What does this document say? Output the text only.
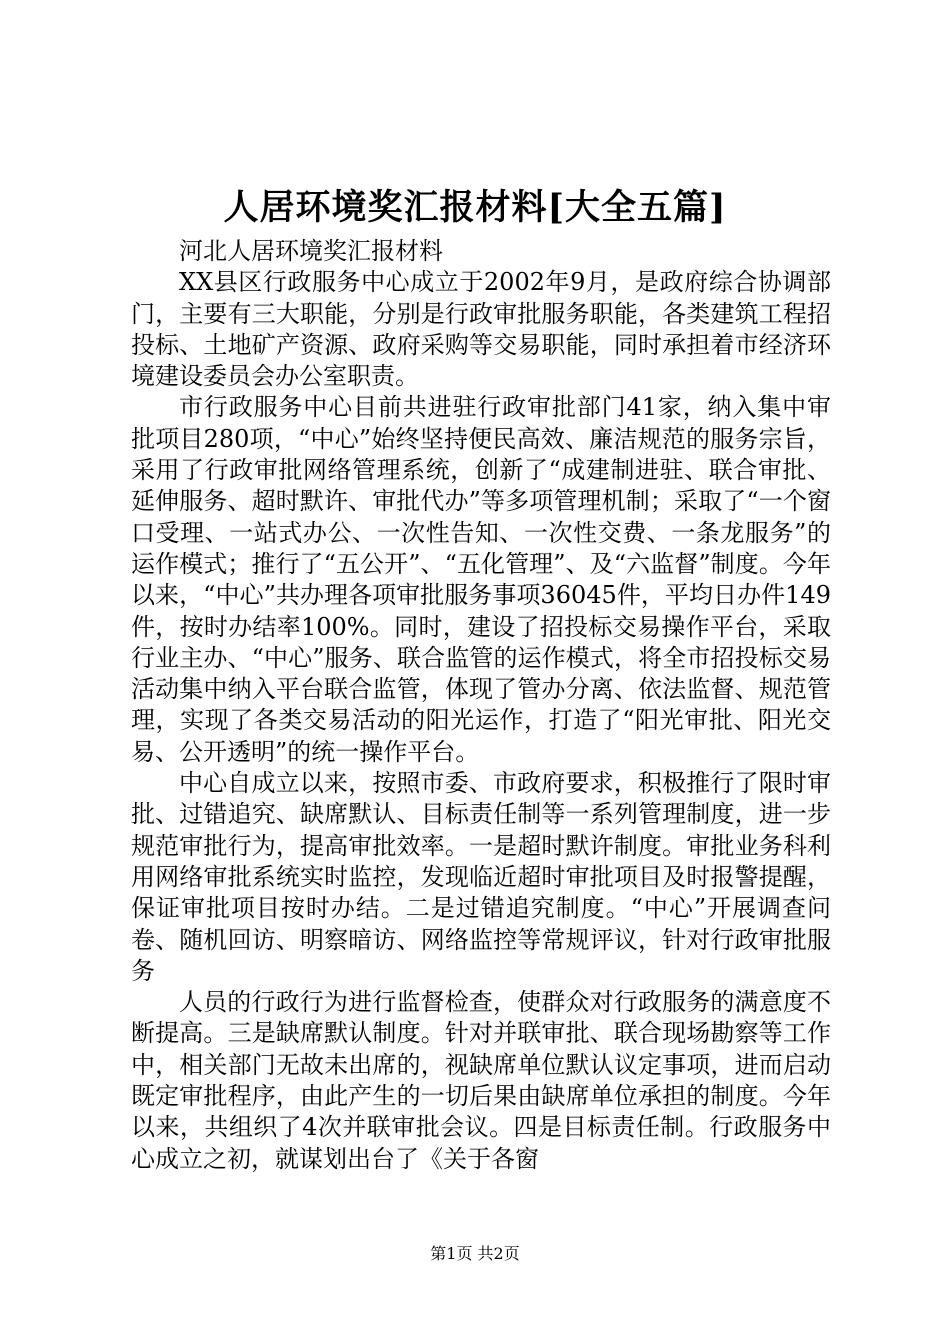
人居环境奖汇报材料[大全五篇]
河北人居环境奖汇报材料

XX县区行政服务中心成立于2002年9月，是政府综合协调部门，主要有三大职能，分别是行政审批服务职能，各类建筑工程招投标、土地矿产资源、政府采购等交易职能，同时承担着市经济环境建设委员会办公室职责。

市行政服务中心目前共进驻行政审批部门41家，纳入集中审批项目280项，“中心”始终坚持便民高效、廉洁规范的服务宗旨，采用了行政审批网络管理系统，创新了“成建制进驻、联合审批、延伸服务、超时默许、审批代办”等多项管理机制；采取了“一个窗口受理、一站式办公、一次性告知、一次性交费、一条龙服务”的运作模式；推行了“五公开”、“五化管理”、及“六监督”制度。今年以来，“中心”共办理各项审批服务事项36045件，平均日办件149件，按时办结率100%。同时，建设了招投标交易操作平台，采取行业主办、“中心”服务、联合监管的运作模式，将全市招投标交易活动集中纳入平台联合监管，体现了管办分离、依法监督、规范管理，实现了各类交易活动的阳光运作，打造了“阳光审批、阳光交易、公开透明”的统一操作平台。

中心自成立以来，按照市委、市政府要求，积极推行了限时审批、过错追究、缺席默认、目标责任制等一系列管理制度，进一步规范审批行为，提高审批效率。一是超时默许制度。审批业务科利用网络审批系统实时监控，发现临近超时审批项目及时报警提醒，保证审批项目按时办结。二是过错追究制度。“中心”开展调查问卷、随机回访、明察暗访、网络监控等常规评议，针对行政审批服务

人员的行政行为进行监督检查，使群众对行政服务的满意度不断提高。三是缺席默认制度。针对并联审批、联合现场勘察等工作中，相关部门无故未出席的，视缺席单位默认议定事项，进而启动既定审批程序，由此产生的一切后果由缺席单位承担的制度。今年以来，共组织了4次并联审批会议。四是目标责任制。行政服务中心成立之初，就谋划出台了《关于各窗

第1页 共2页
